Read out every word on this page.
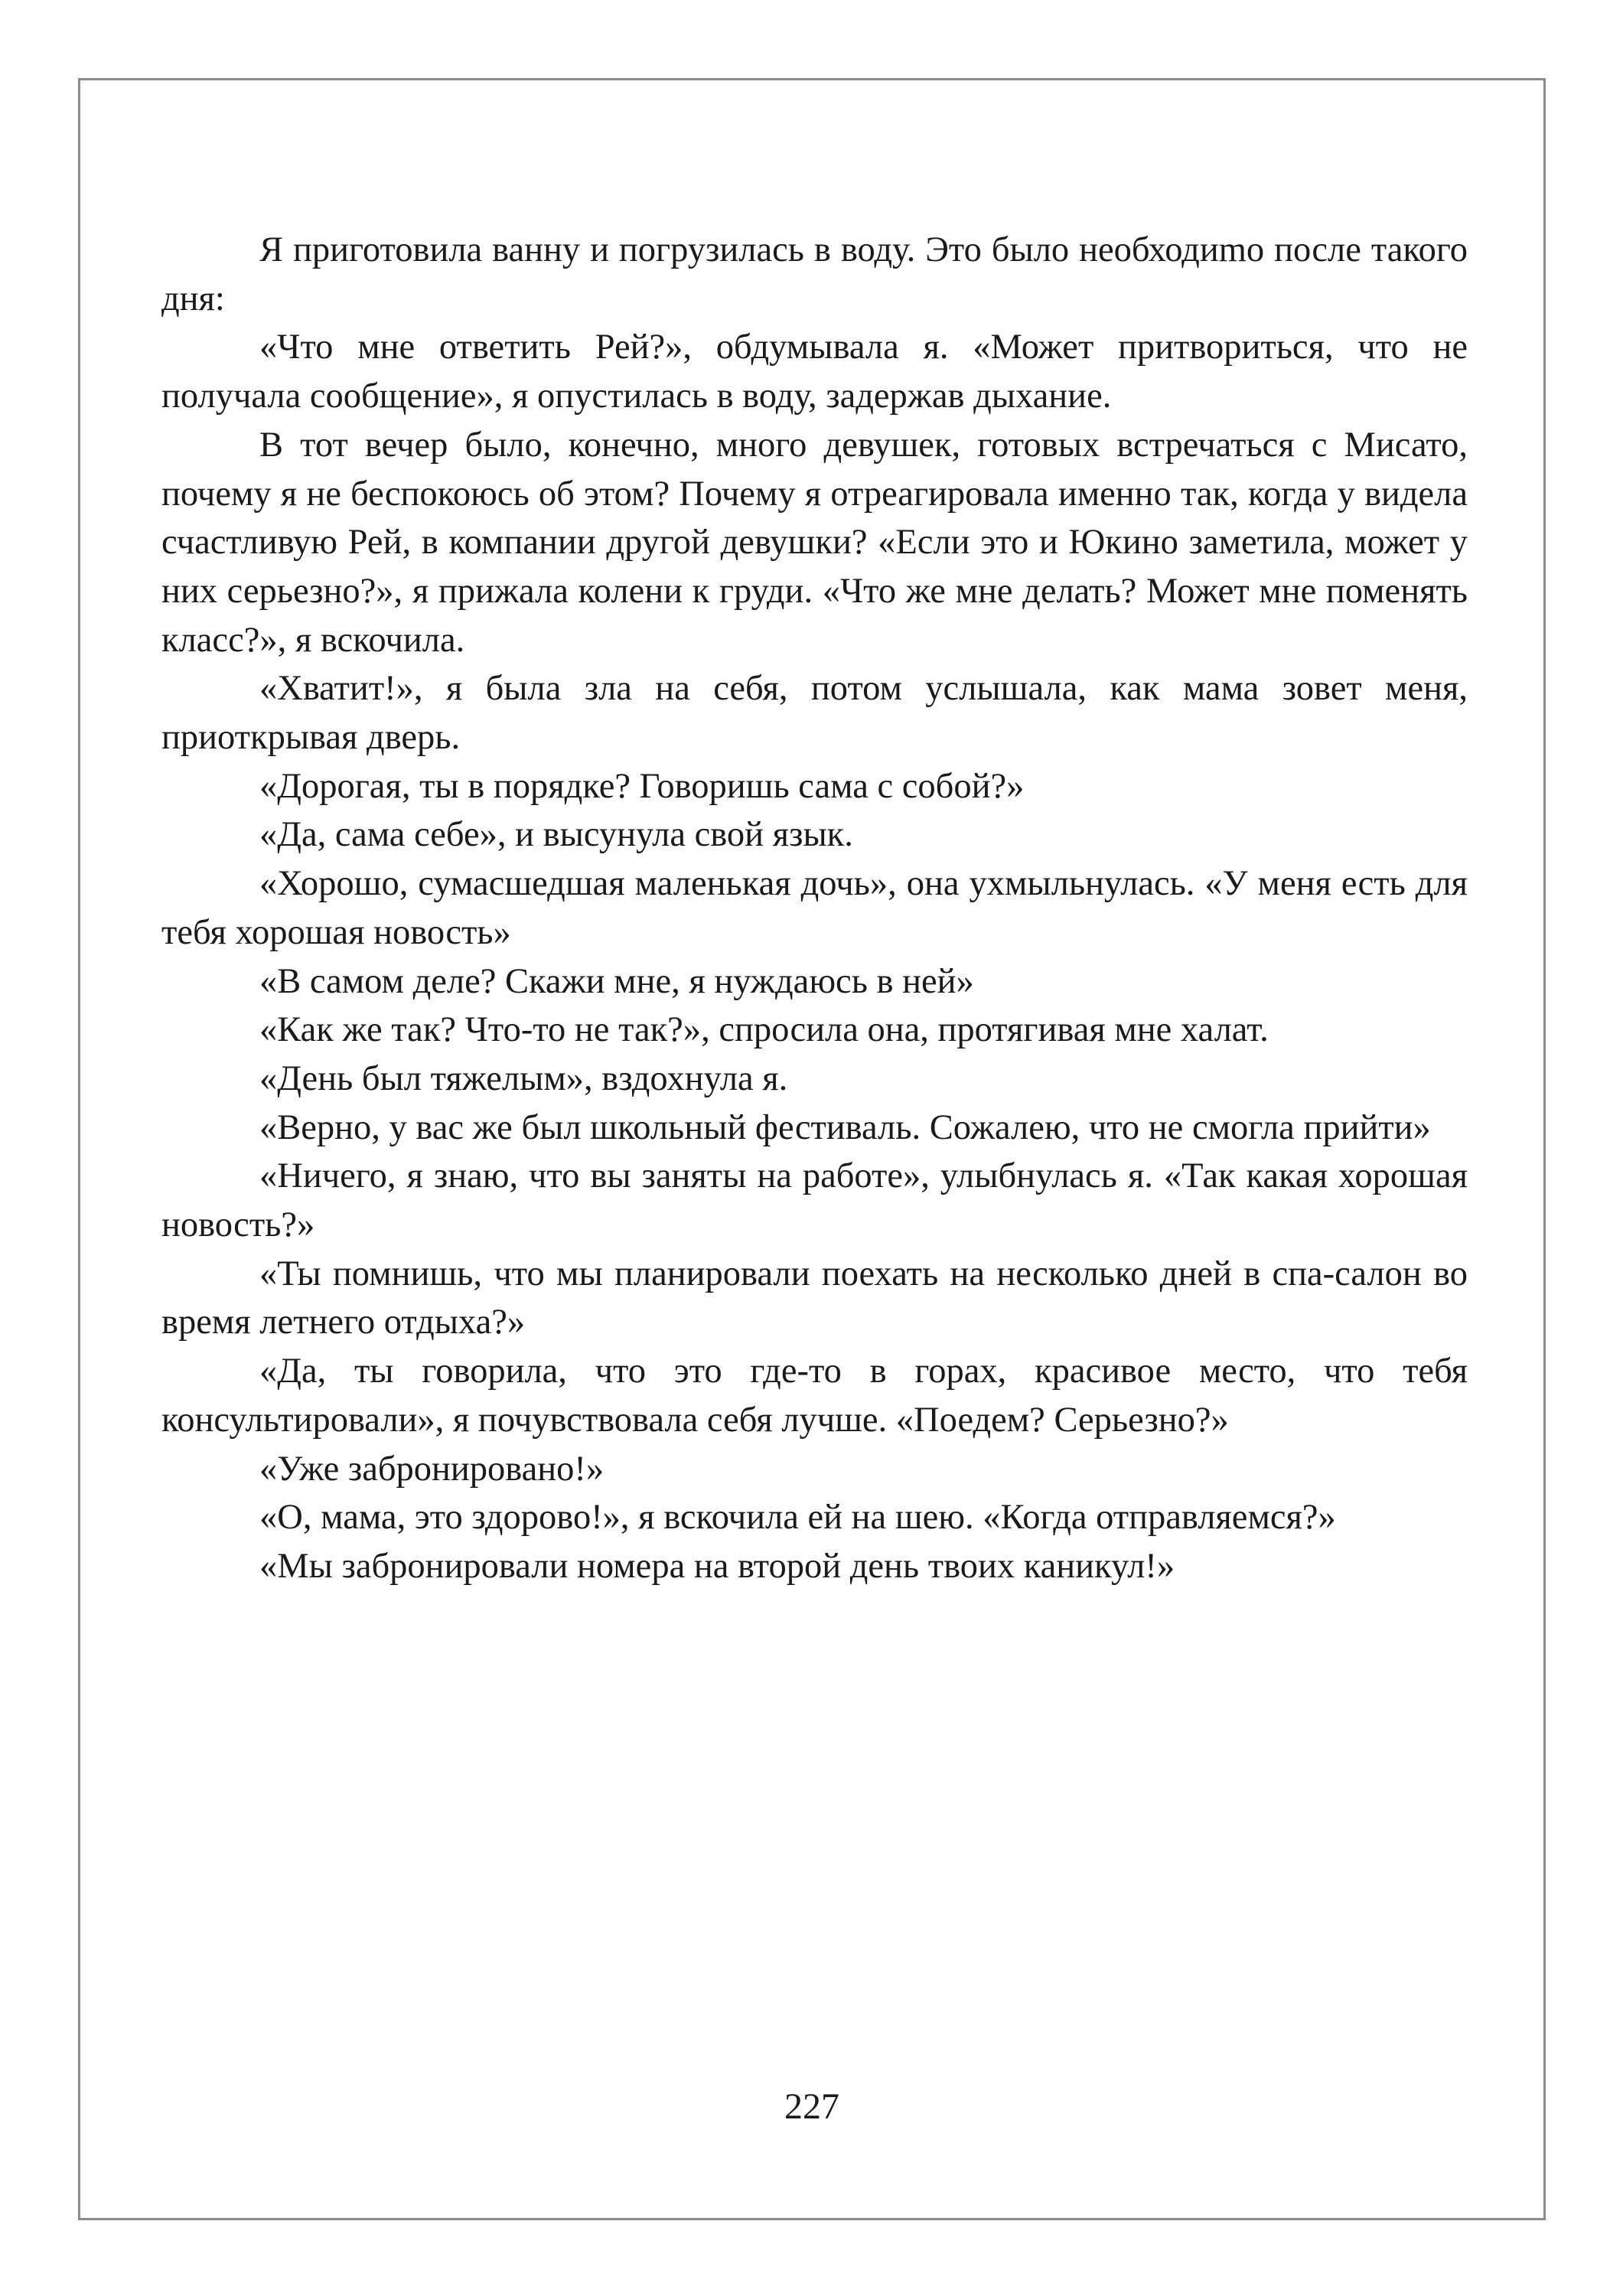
Я приготовила ванну и погрузилась в воду. Это было необходиmo после такого дня:

«Что мне ответить Рей?», обдумывала я. «Может притвориться, что не получала сообщение», я опустилась в воду, задержав дыхание.

В тот вечер было, конечно, много девушек, готовых встречаться с Мисато, почему я не беспокоюсь об этом? Почему я отреагировала именно так, когда у видела счастливую Рей, в компании другой девушки? «Если это и Юкино заметила, может у них серьезно?», я прижала колени к груди. «Что же мне делать? Может мне поменять класс?», я вскочила.

«Хватит!», я была зла на себя, потом услышала, как мама зовет меня, приоткрывая дверь.

«Дорогая, ты в порядке? Говоришь сама с собой?»

«Да, сама себе», и высунула свой язык.

«Хорошо, сумасшедшая маленькая дочь», она ухмыльнулась. «У меня есть для тебя хорошая новость»

«В самом деле? Скажи мне, я нуждаюсь в ней»

«Как же так? Что-то не так?», спросила она, протягивая мне халат.

«День был тяжелым», вздохнула я.

«Верно, у вас же был школьный фестиваль. Сожалею, что не смогла прийти»

«Ничего, я знаю, что вы заняты на работе», улыбнулась я. «Так какая хорошая новость?»

«Ты помнишь, что мы планировали поехать на несколько дней в спа-салон во время летнего отдыха?»

«Да, ты говорила, что это где-то в горах, красивое место, что тебя консультировали», я почувствовала себя лучше. «Поедем? Серьезно?»

«Уже забронировано!»

«О, мама, это здорово!», я вскочила ей на шею. «Когда отправляемся?»

«Мы забронировали номера на второй день твоих каникул!»

227
